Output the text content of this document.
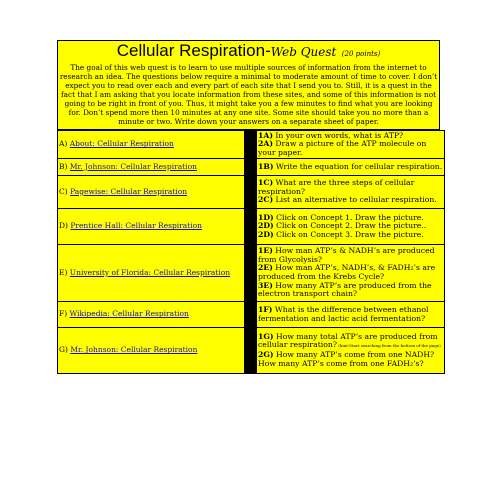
Cellular Respiration-Web Quest (20 points)
The goal of this web quest is to learn to use multiple sources of information from the internet to research an idea. The questions below require a minimal to moderate amount of time to cover. I don’t expect you to read over each and every part of each site that I send you to. Still, it is a quest in the fact that I am asking that you locate information from these sites, and some of this information is not going to be right in front of you. Thus, it might take you a few minutes to find what you are looking for. Don’t spend more then 10 minutes at any one site. Some site should take you no more than a minute or two. Write down your answers on a separate sheet of paper.
A) About: Cellular Respiration		1A) In your own words, what is ATP?
2A) Draw a picture of the ATP molecule on your paper.

B) Mr. Johnson: Cellular Respiration		1B) Write the equation for cellular respiration.

C) Pagewise: Cellular Respiration		1C) What are the three steps of cellular respiration?
2C) List an alternative to cellular respiration.

D) Prentice Hall: Cellular Respiration		1D) Click on Concept 1. Draw the picture.
2D) Click on Concept 2. Draw the picture..
2D) Click on Concept 3. Draw the picture.

E) University of Florida: Cellular Respiration		1E) How man ATP’s & NADH’s are produced from Glycolysis?
2E) How man ATP’s, NADH’s, & FADH₂’s are produced from the Krebs Cycle?
3E) How many ATP’s are produced from the electron transport chain?

F) Wikipedia: Cellular Respiration		1F) What is the difference between ethanol fermentation and lactic acid fermentation?

G) Mr. Johnson: Cellular Respiration		1G) How many total ATP’s are produced from cellular respiration? (hint-Start searching from the bottom of the page)
2G) How many ATP’s come from one NADH? How many ATP’s come from one FADH₂’s?
